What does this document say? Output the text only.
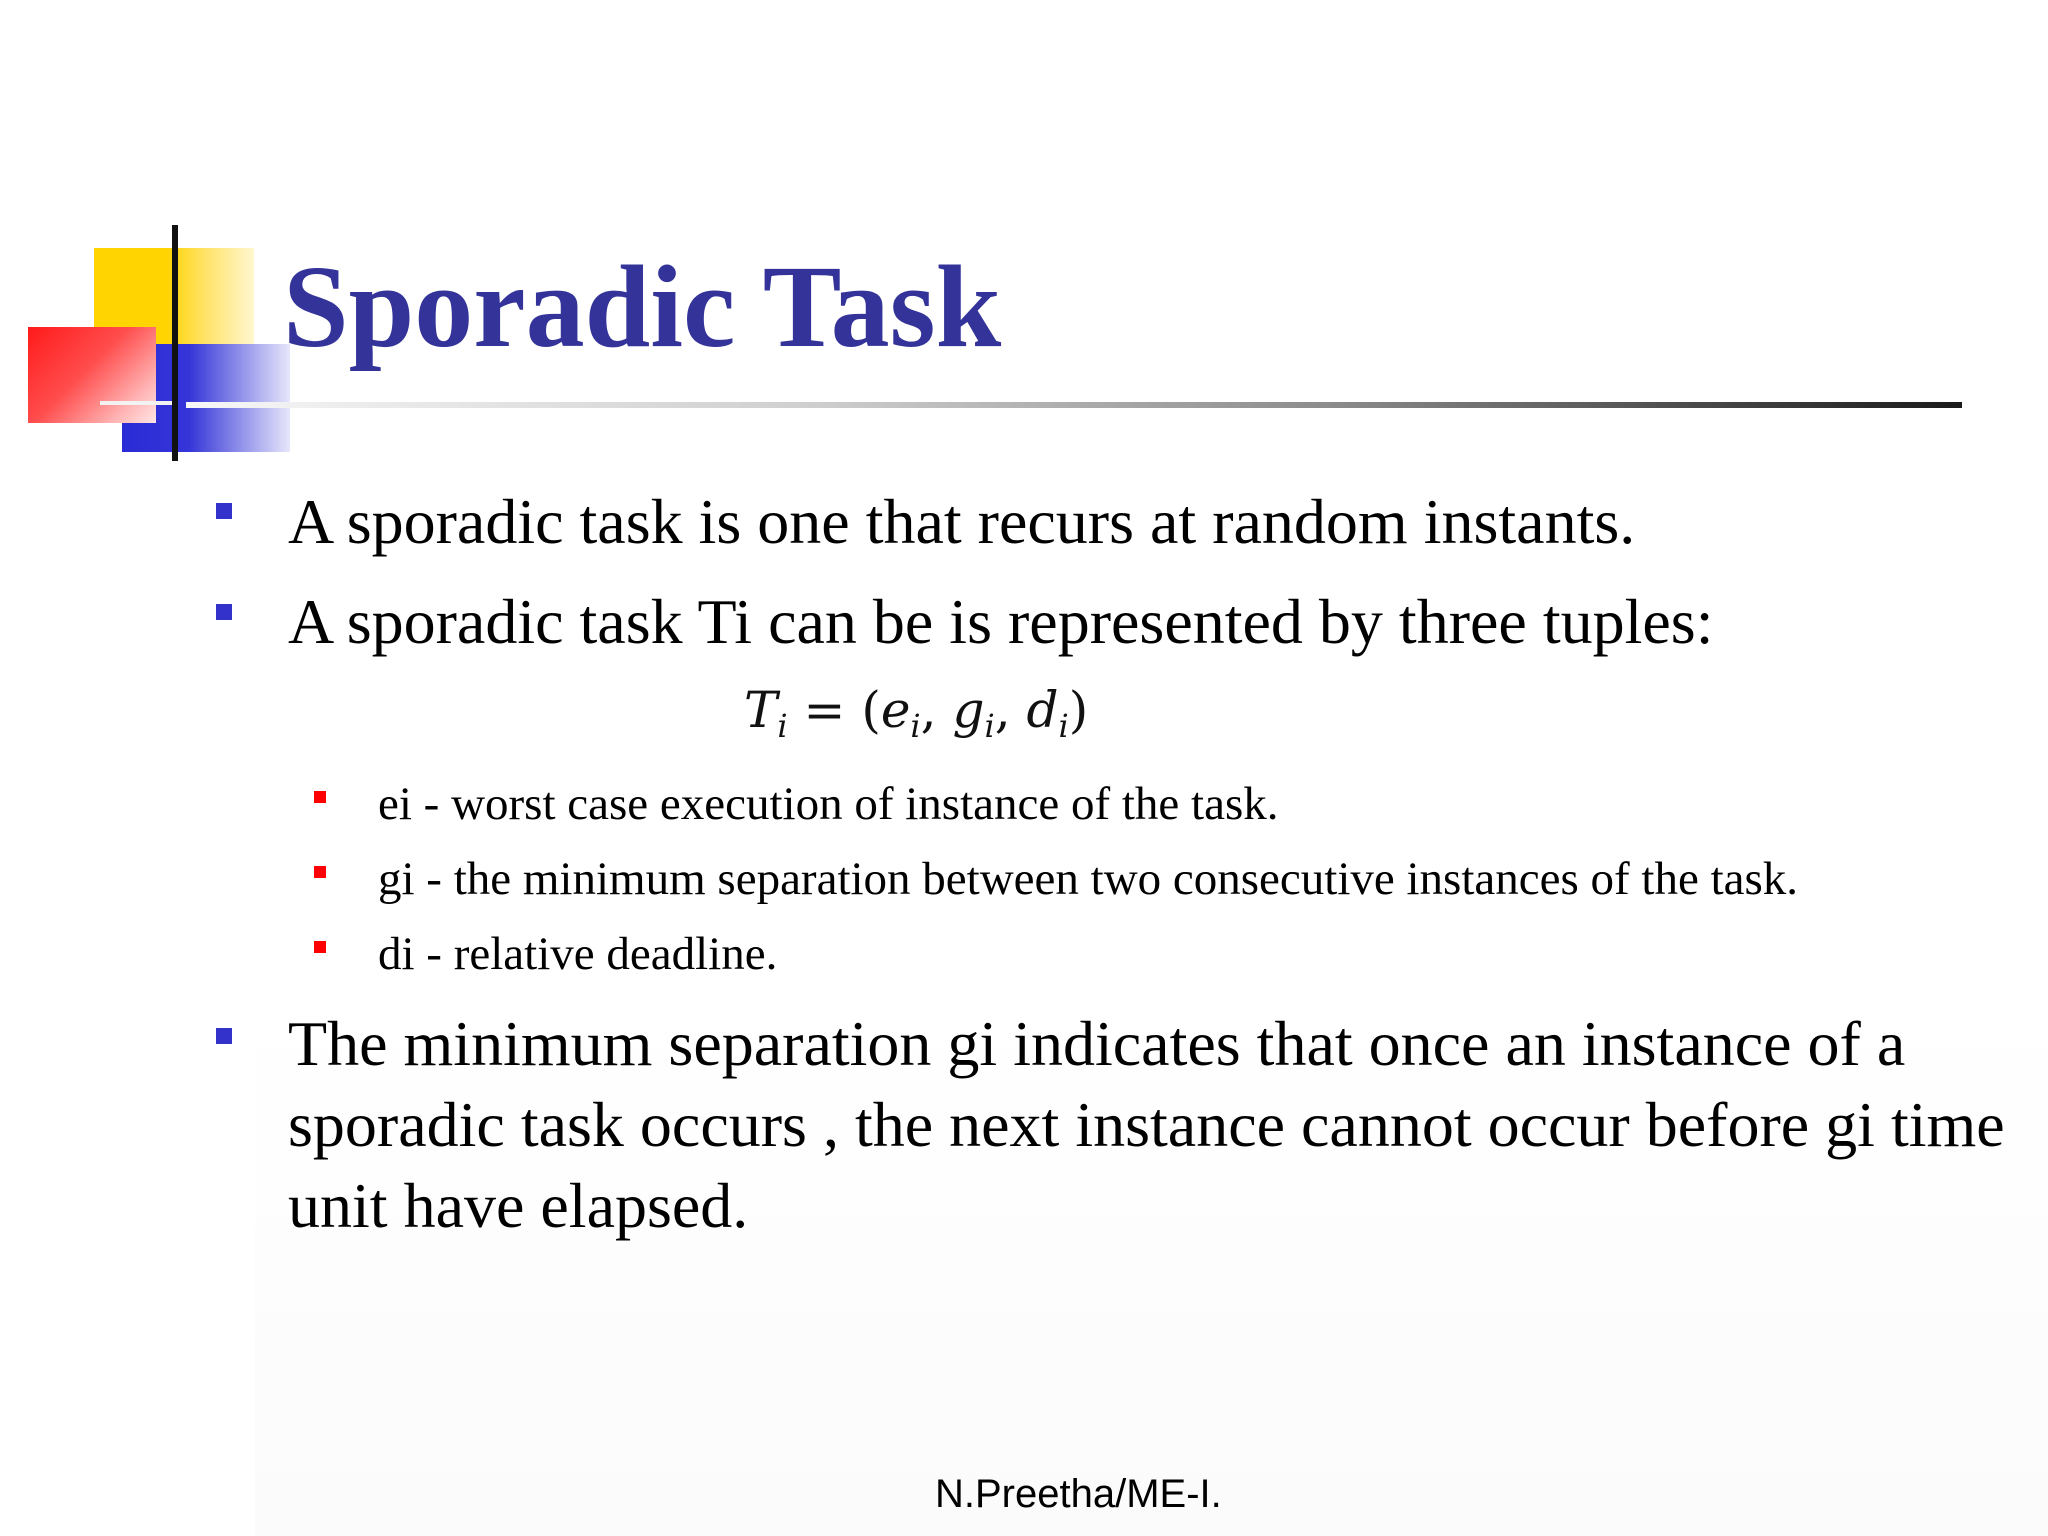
Sporadic Task

A sporadic task is one that recurs at random instants.

A sporadic task Ti can be is represented by three tuples:

$T_i = (e_i$, $g_i$, $d_i$)

ei - worst case execution of instance of the task.

gi - the minimum separation between two consecutive instances of the task.

di - relative deadline.

The minimum separation gi indicates that once an instance of a sporadic task occurs , the next instance cannot occur before gi time unit have elapsed.

N.Preetha/ME-I.
